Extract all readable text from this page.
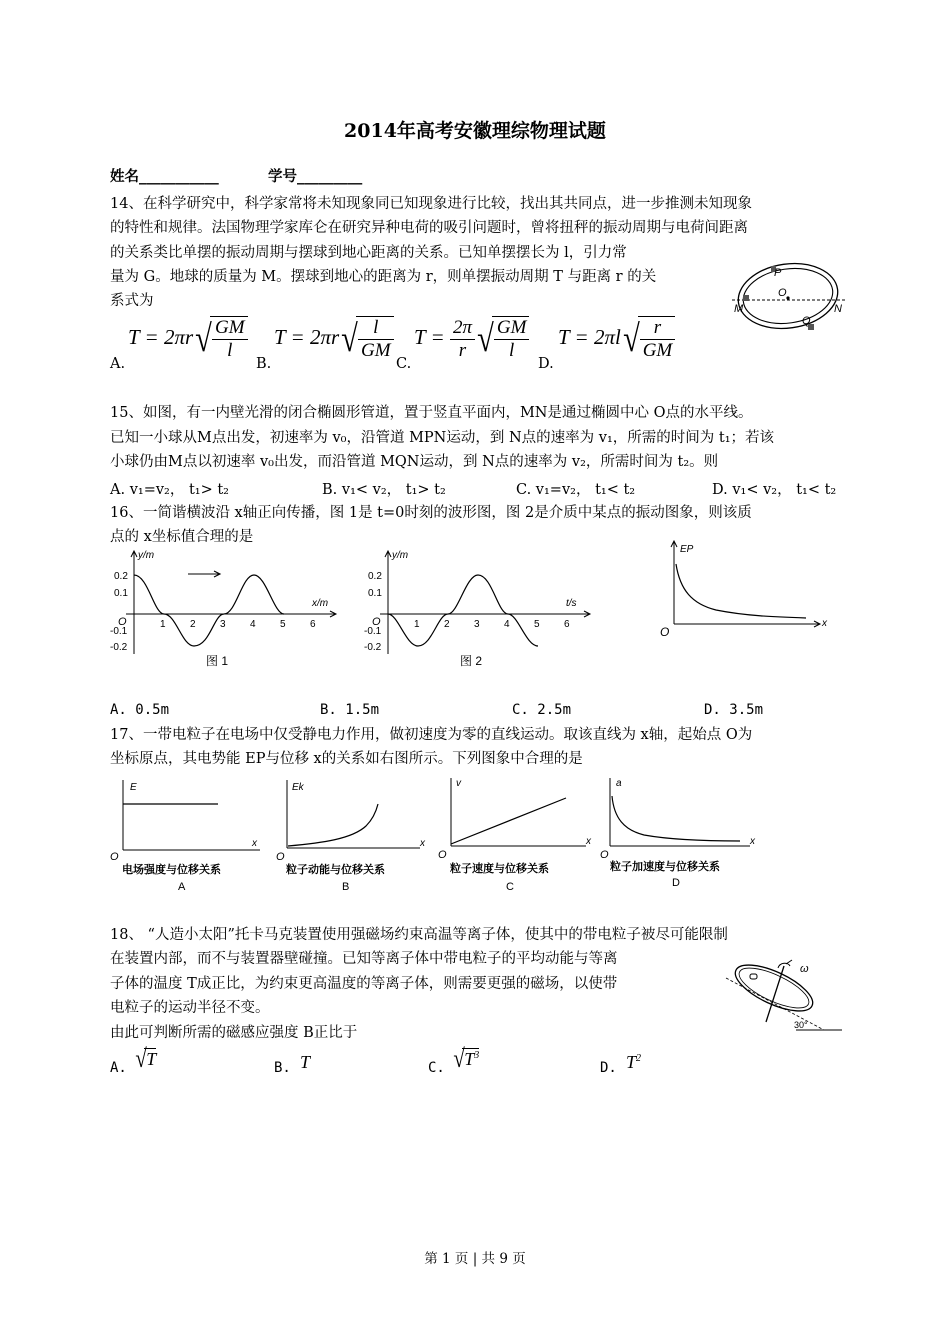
2014年高考安徽理综物理试题
姓名___________	学号_________
14、在科学研究中，科学家常将未知现象同已知现象进行比较，找出其共同点，进一步推测未知现象
的特性和规律。法国物理学家库仑在研究异种电荷的吸引问题时，曾将扭秤的振动周期与电荷间距离
的关系类比单摆的振动周期与摆球到地心距离的关系。已知单摆摆长为 l，引力常
量为 G。地球的质量为 M。摆球到地心的距离为 r，则单摆振动周期 T 与距离 r 的关
系式为
A.
$T = 2\pi r√ \frac{GM}{l}$
B.
$T = 2\pi r√ \frac{l}{GM}$
C.
$T = \frac{2\pi}{r}$ √ $\frac{GM}{l}$
D.
$T = 2\pi l√ \frac{r}{GM}$
P
O
M	N
Q
15、如图，有一内壁光滑的闭合椭圆形管道，置于竖直平面内，MN是通过椭圆中心 O点的水平线。
已知一小球从M点出发，初速率为 v₀，沿管道 MPN运动，到 N点的速率为 v₁，所需的时间为 t₁；若该
小球仍由M点以初速率 v₀出发，而沿管道 MQN运动，到 N点的速率为 v₂，所需时间为 t₂。则
A. v₁=v₂， t₁> t₂	B. v₁< v₂， t₁> t₂	C. v₁=v₂， t₁< t₂	D. v₁< v₂， t₁< t₂
16、一简谐横波沿 x轴正向传播，图 1是 t=0时刻的波形图，图 2是介质中某点的振动图象，则该质
点的 x坐标值合理的是
y/m
x/m
O
0.2
0.1
-0.1
-0.2
1 2 3 4 5 6
图 1
y/m
t/s
O
0.2
0.1
-0.1
-0.2
1 2 3 4 5 6
图 2
EP
x
O
A. 0.5m	B. 1.5m	C. 2.5m	D. 3.5m
17、一带电粒子在电场中仅受静电力作用，做初速度为零的直线运动。取该直线为 x轴，起始点 O为
坐标原点，其电势能 EP与位移 x的关系如右图所示。下列图象中合理的是
E
x
O
电场强度与位移关系
A
Ek
x
O
粒子动能与位移关系
B
v
x
O
粒子速度与位移关系
C
a
x
O
粒子加速度与位移关系
D
18、 “人造小太阳”托卡马克装置使用强磁场约束高温等离子体，使其中的带电粒子被尽可能限制
在装置内部，而不与装置器壁碰撞。已知等离子体中带电粒子的平均动能与等离
子体的温度 T成正比，为约束更高温度的等离子体，则需要更强的磁场，以使带
电粒子的运动半径不变。
由此可判断所需的磁感应强度 B正比于
ω
30°
A. √T	B. T	C. $√T^3$
D. $T^2$
第 1 页 | 共 9 页
